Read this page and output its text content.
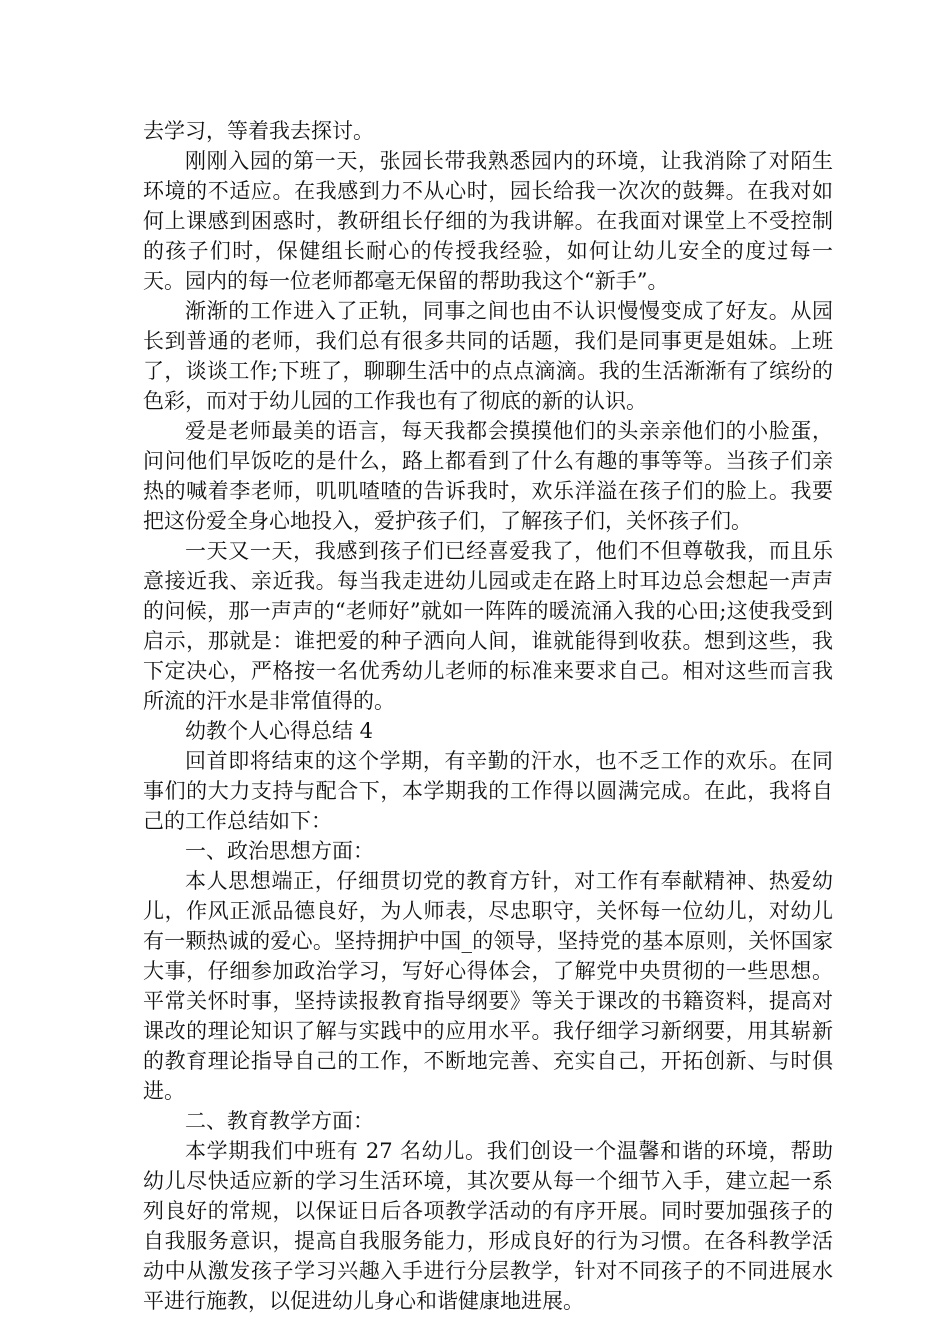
去学习，等着我去探讨。

刚刚入园的第一天，张园长带我熟悉园内的环境，让我消除了对陌生环境的不适应。在我感到力不从心时，园长给我一次次的鼓舞。在我对如何上课感到困惑时，教研组长仔细的为我讲解。在我面对课堂上不受控制的孩子们时，保健组长耐心的传授我经验，如何让幼儿安全的度过每一天。园内的每一位老师都毫无保留的帮助我这个“新手”。

渐渐的工作进入了正轨，同事之间也由不认识慢慢变成了好友。从园长到普通的老师，我们总有很多共同的话题，我们是同事更是姐妹。上班了，谈谈工作;下班了，聊聊生活中的点点滴滴。我的生活渐渐有了缤纷的色彩，而对于幼儿园的工作我也有了彻底的新的认识。

爱是老师最美的语言，每天我都会摸摸他们的头亲亲他们的小脸蛋，问问他们早饭吃的是什么，路上都看到了什么有趣的事等等。当孩子们亲热的喊着李老师，叽叽喳喳的告诉我时，欢乐洋溢在孩子们的脸上。我要把这份爱全身心地投入，爱护孩子们，了解孩子们，关怀孩子们。

一天又一天，我感到孩子们已经喜爱我了，他们不但尊敬我，而且乐意接近我、亲近我。每当我走进幼儿园或走在路上时耳边总会想起一声声的问候，那一声声的“老师好”就如一阵阵的暖流涌入我的心田;这使我受到启示，那就是：谁把爱的种子洒向人间，谁就能得到收获。想到这些，我下定决心，严格按一名优秀幼儿老师的标准来要求自己。相对这些而言我所流的汗水是非常值得的。

幼教个人心得总结 4

回首即将结束的这个学期，有辛勤的汗水，也不乏工作的欢乐。在同事们的大力支持与配合下，本学期我的工作得以圆满完成。在此，我将自己的工作总结如下：

一、政治思想方面：

本人思想端正，仔细贯切党的教育方针，对工作有奉献精神、热爱幼儿，作风正派品德良好，为人师表，尽忠职守，关怀每一位幼儿，对幼儿有一颗热诚的爱心。坚持拥护中国_的领导，坚持党的基本原则，关怀国家大事，仔细参加政治学习，写好心得体会，了解党中央贯彻的一些思想。平常关怀时事，坚持读报教育指导纲要》等关于课改的书籍资料，提高对课改的理论知识了解与实践中的应用水平。我仔细学习新纲要，用其崭新的教育理论指导自己的工作，不断地完善、充实自己，开拓创新、与时俱进。

二、教育教学方面：

本学期我们中班有 27 名幼儿。我们创设一个温馨和谐的环境，帮助幼儿尽快适应新的学习生活环境，其次要从每一个细节入手，建立起一系列良好的常规，以保证日后各项教学活动的有序开展。同时要加强孩子的自我服务意识，提高自我服务能力，形成良好的行为习惯。在各科教学活动中从激发孩子学习兴趣入手进行分层教学，针对不同孩子的不同进展水平进行施教，以促进幼儿身心和谐健康地进展。
